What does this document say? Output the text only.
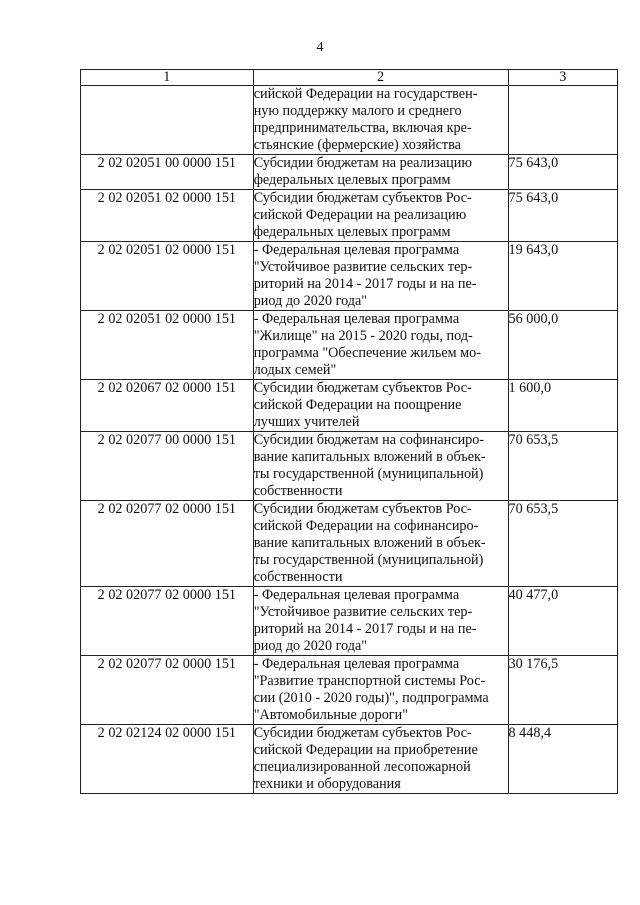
4
1	2	3

	сийской Федерации на государствен-
ную поддержку малого и среднего
предпринимательства, включая кре-
стьянские (фермерские) хозяйства	

2 02 02051 00 0000 151	Субсидии бюджетам на реализацию
федеральных целевых программ	75 643,0
2 02 02051 02 0000 151	Субсидии бюджетам субъектов Рос-
сийской Федерации на реализацию
федеральных целевых программ	75 643,0
2 02 02051 02 0000 151	- Федеральная целевая программа
"Устойчивое развитие сельских тер-
риторий на 2014 - 2017 годы и на пе-
риод до 2020 года"	19 643,0
2 02 02051 02 0000 151	- Федеральная целевая программа
"Жилище" на 2015 - 2020 годы, под-
программа "Обеспечение жильем мо-
лодых семей"	56 000,0
2 02 02067 02 0000 151	Субсидии бюджетам субъектов Рос-
сийской Федерации на поощрение
лучших учителей	1 600,0
2 02 02077 00 0000 151	Субсидии бюджетам на софинансиро-
вание капитальных вложений в объек-
ты государственной (муниципальной)
собственности	70 653,5
2 02 02077 02 0000 151	Субсидии бюджетам субъектов Рос-
сийской Федерации на софинансиро-
вание капитальных вложений в объек-
ты государственной (муниципальной)
собственности	70 653,5
2 02 02077 02 0000 151	- Федеральная целевая программа
"Устойчивое развитие сельских тер-
риторий на 2014 - 2017 годы и на пе-
риод до 2020 года"	40 477,0
2 02 02077 02 0000 151	- Федеральная целевая программа
"Развитие транспортной системы Рос-
сии (2010 - 2020 годы)", подпрограмма
"Автомобильные дороги"	30 176,5
2 02 02124 02 0000 151	Субсидии бюджетам субъектов Рос-
сийской Федерации на приобретение
специализированной лесопожарной
техники и оборудования	8 448,4
